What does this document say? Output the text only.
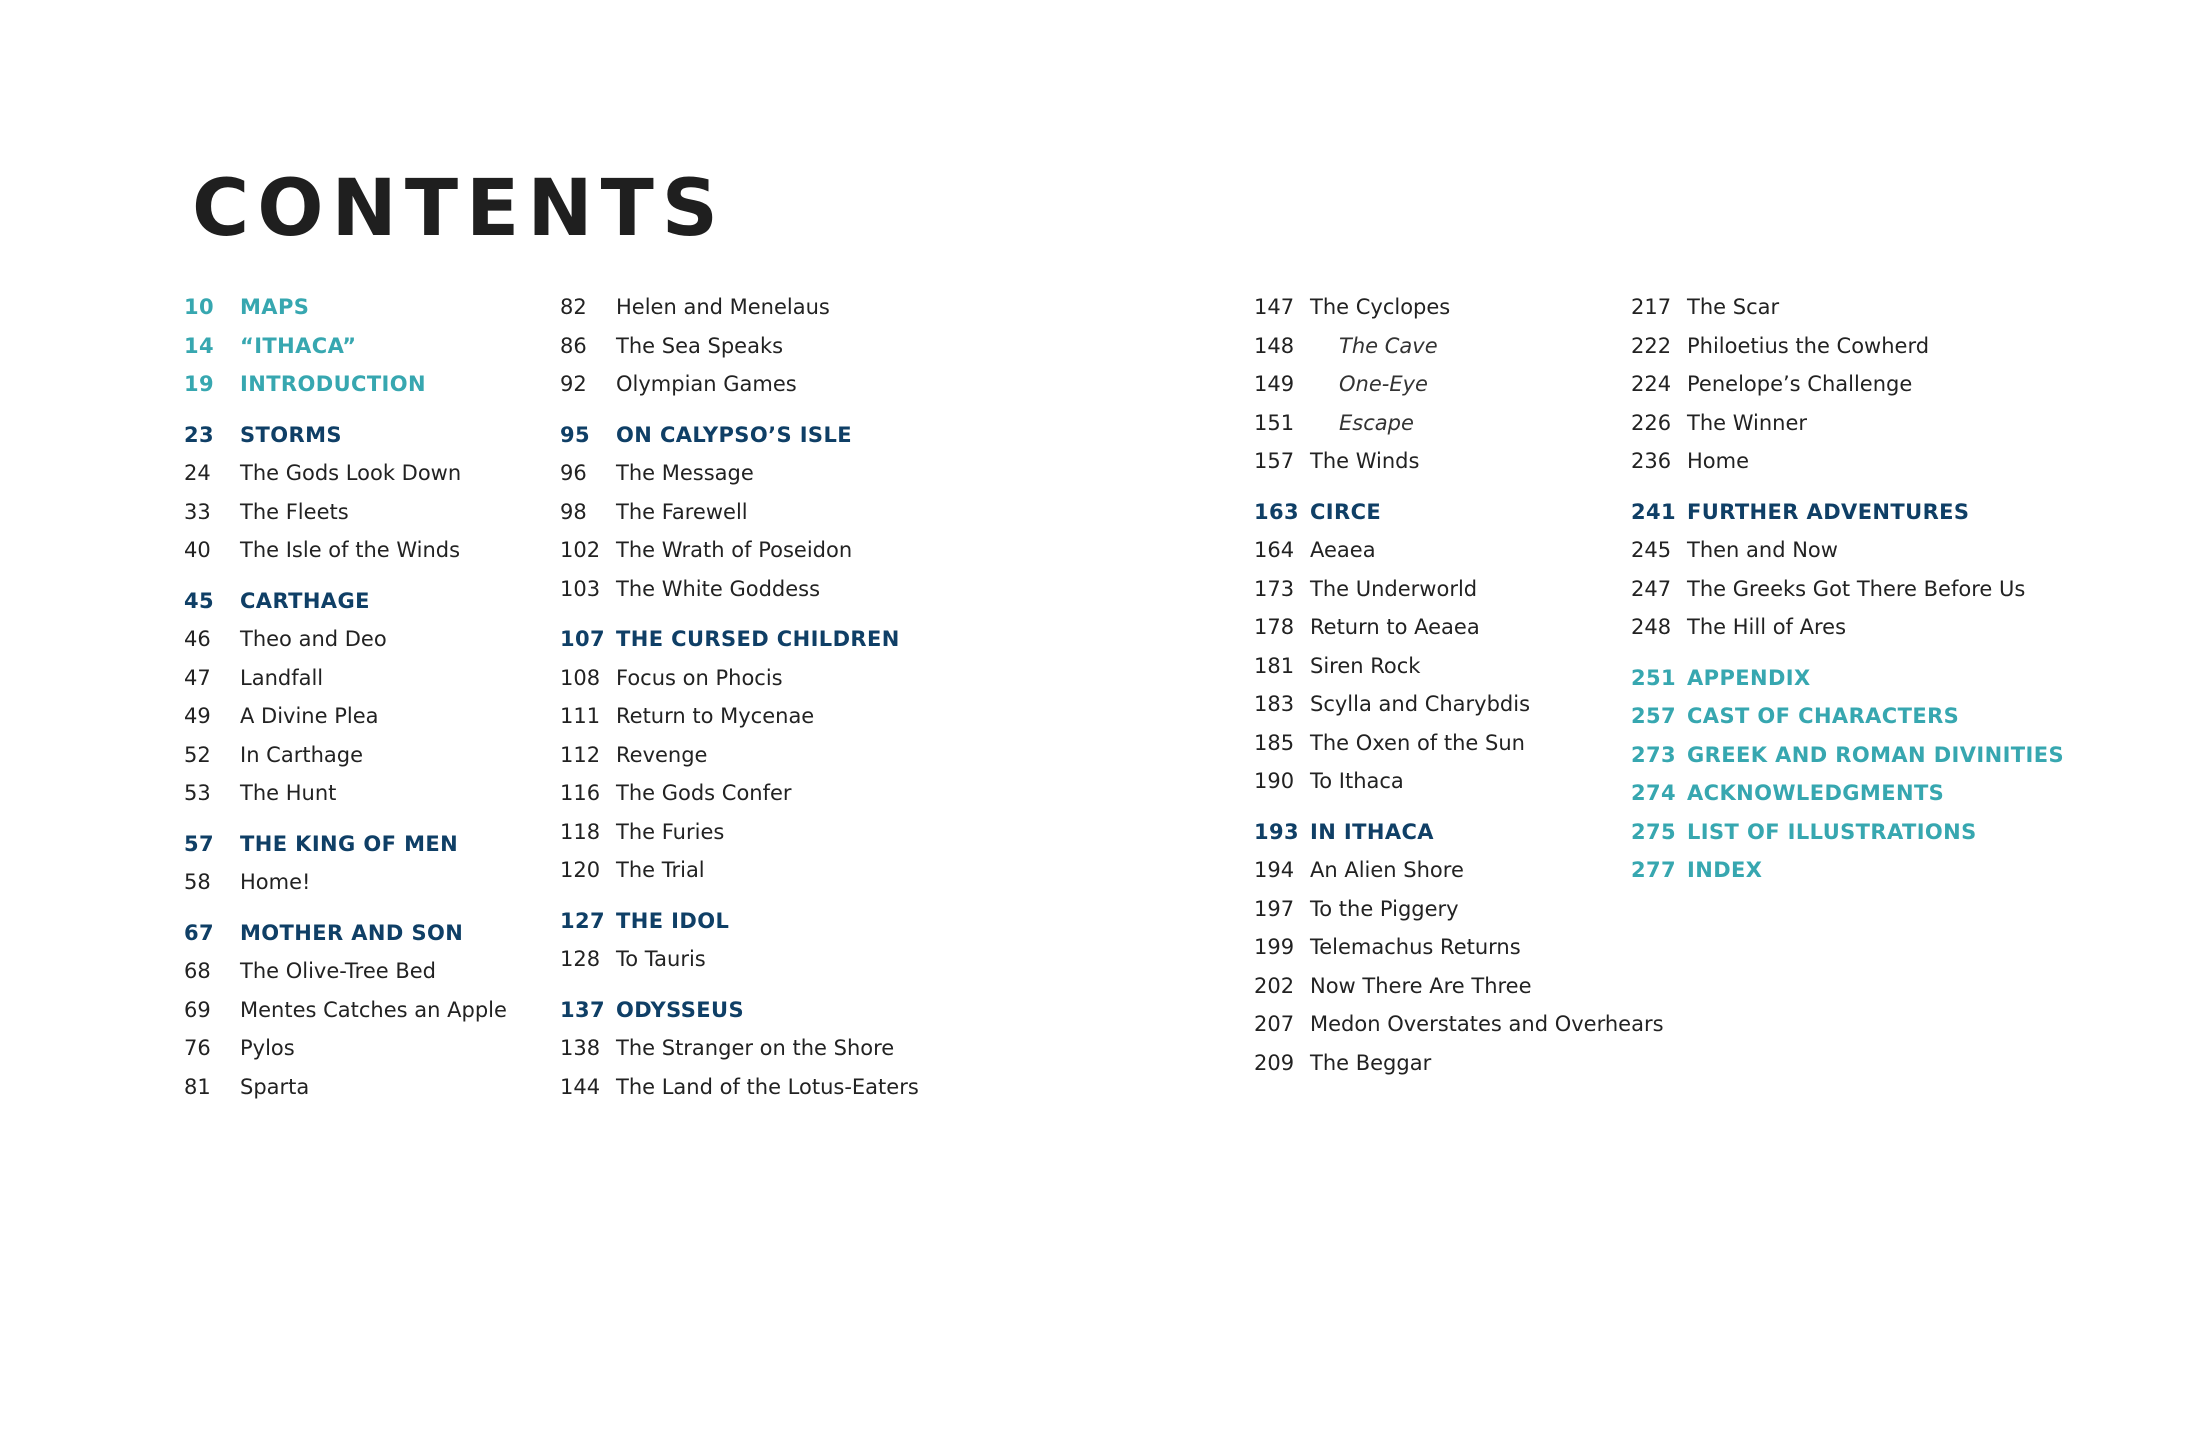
CONTENTS
10	MAPS
14	“ITHACA”
19	INTRODUCTION
23	STORMS
24	The Gods Look Down
33	The Fleets
40	The Isle of the Winds
45	CARTHAGE
46	Theo and Deo
47	Landfall
49	A Divine Plea
52	In Carthage
53	The Hunt
57	THE KING OF MEN
58	Home!
67	MOTHER AND SON
68	The Olive-Tree Bed
69	Mentes Catches an Apple
76	Pylos
81	Sparta
82	Helen and Menelaus
86	The Sea Speaks
92	Olympian Games
95	ON CALYPSO’S ISLE
96	The Message
98	The Farewell
102 The Wrath of Poseidon
103 The White Goddess
107 THE CURSED CHILDREN
108 Focus on Phocis
111 Return to Mycenae
112 Revenge
116 The Gods Confer
118 The Furies
120 The Trial
127 THE IDOL
128 To Tauris
137 ODYSSEUS
138 The Stranger on the Shore
144 The Land of the Lotus-Eaters
147 The Cyclopes
148	The Cave
149	One-Eye
151	Escape
157 The Winds
163 CIRCE
164 Aeaea
173 The Underworld
178 Return to Aeaea
181 Siren Rock
183 Scylla and Charybdis
185 The Oxen of the Sun
190 To Ithaca
193 IN ITHACA
194 An Alien Shore
197 To the Piggery
199 Telemachus Returns
202 Now There Are Three
207 Medon Overstates and Overhears
209 The Beggar
217 The Scar
222 Philoetius the Cowherd
224 Penelope’s Challenge
226 The Winner
236 Home
241 FURTHER ADVENTURES
245 Then and Now
247 The Greeks Got There Before Us
248 The Hill of Ares
251 APPENDIX
257 CAST OF CHARACTERS
273 GREEK AND ROMAN DIVINITIES
274 ACKNOWLEDGMENTS
275 LIST OF ILLUSTRATIONS
277 INDEX
